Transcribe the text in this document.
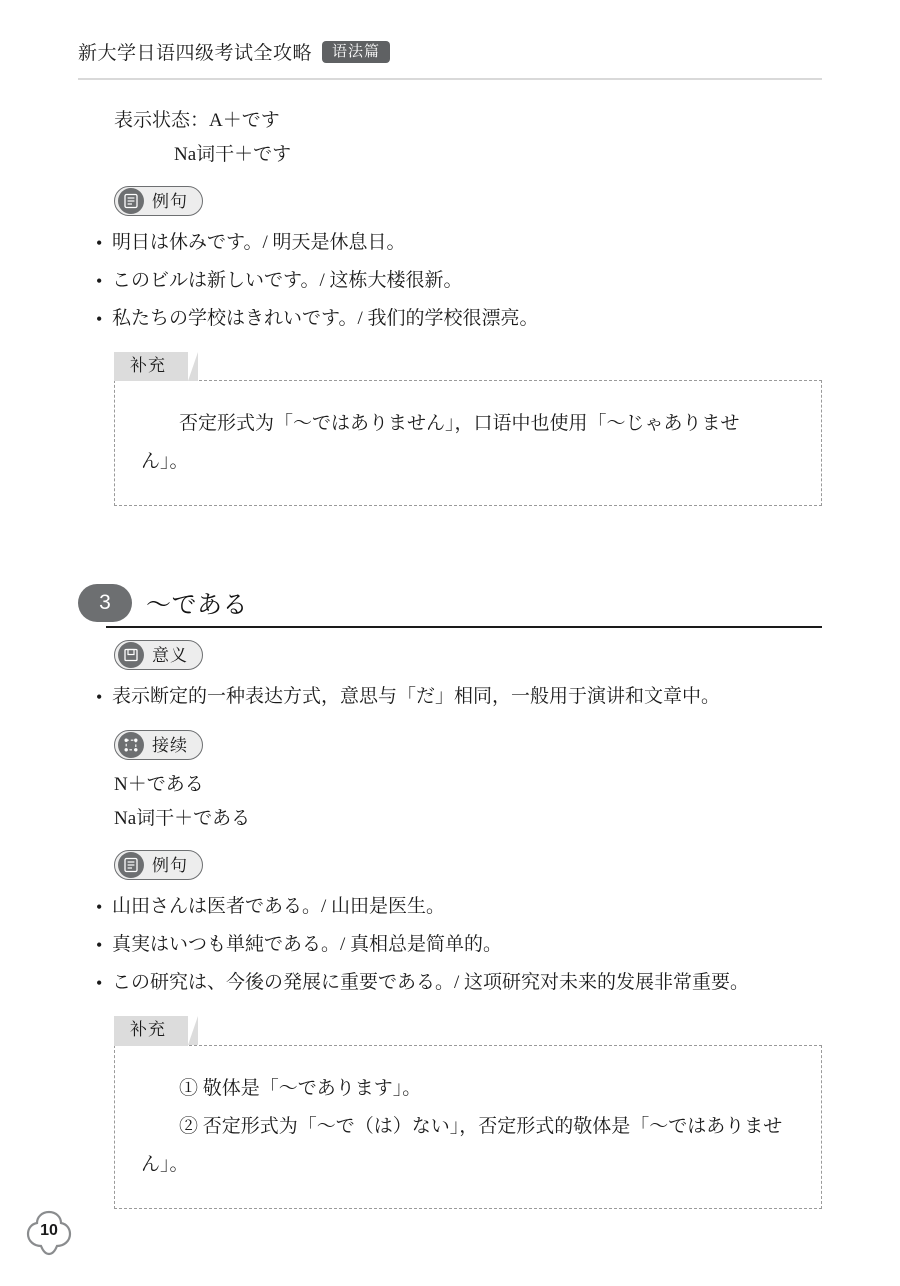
新大学日语四级考试全攻略	语法篇
表示状态：A＋です
Na词干＋です
例句
• 明日は休みです。/ 明天是休息日。
• このビルは新しいです。/ 这栋大楼很新。
• 私たちの学校はきれいです。/ 我们的学校很漂亮。
补充
否定形式为「～ではありません」，口语中也使用「～じゃありませ
ん」。
3	～である
意义
• 表示断定的一种表达方式，意思与「だ」相同，一般用于演讲和文章中。
接续
N＋である
Na词干＋である
例句
• 山田さんは医者である。/ 山田是医生。
• 真実はいつも単純である。/ 真相总是简单的。
• この研究は、今後の発展に重要である。/ 这项研究对未来的发展非常重要。
补充
① 敬体是「～であります」。
② 否定形式为「～で（は）ない」，否定形式的敬体是「～ではありません」。
10
